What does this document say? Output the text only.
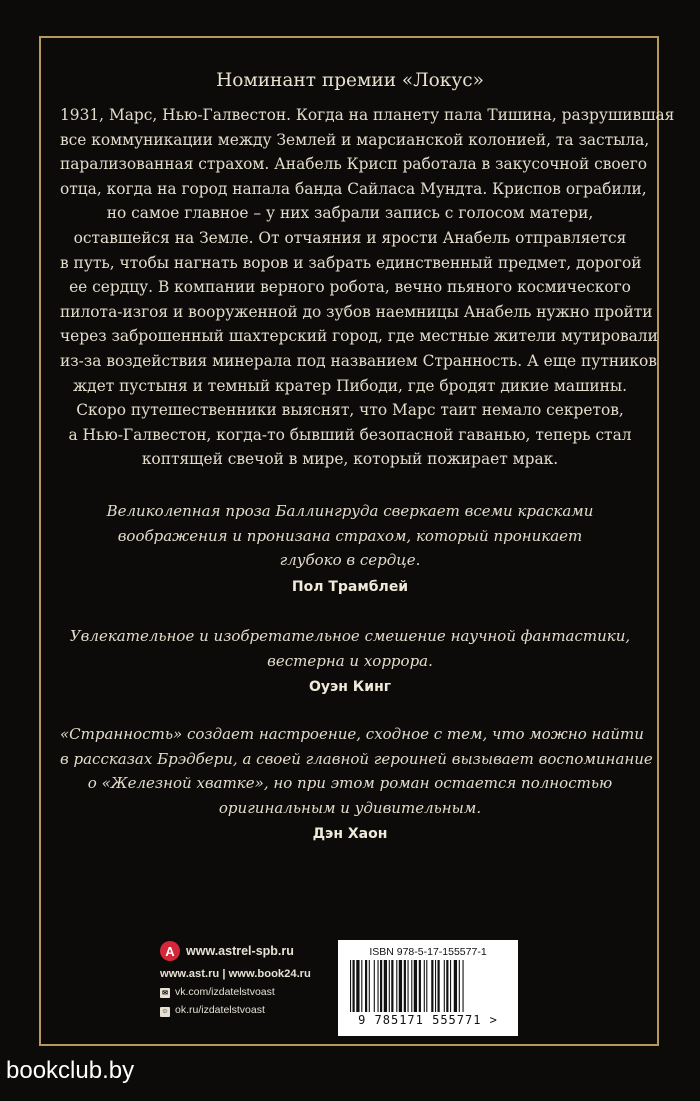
Номинант премии «Локус»
1931, Марс, Нью-Галвестон. Когда на планету пала Тишина, разрушившая
все коммуникации между Землей и марсианской колонией, та застыла,
парализованная страхом. Анабель Крисп работала в закусочной своего
отца, когда на город напала банда Сайласа Мундта. Криспов ограбили,
но самое главное – у них забрали запись с голосом матери,
оставшейся на Земле. От отчаяния и ярости Анабель отправляется
в путь, чтобы нагнать воров и забрать единственный предмет, дорогой
ее сердцу. В компании верного робота, вечно пьяного космического
пилота-изгоя и вооруженной до зубов наемницы Анабель нужно пройти
через заброшенный шахтерский город, где местные жители мутировали
из-за воздействия минерала под названием Странность. А еще путников
ждет пустыня и темный кратер Пибоди, где бродят дикие машины.
Скоро путешественники выяснят, что Марс таит немало секретов,
а Нью-Галвестон, когда-то бывший безопасной гаванью, теперь стал
коптящей свечой в мире, который пожирает мрак.
Великолепная проза Баллингруда сверкает всеми красками
воображения и пронизана страхом, который проникает
глубоко в сердце.
Пол Трамблей
Увлекательное и изобретательное смешение научной фантастики,
вестерна и хоррора.
Оуэн Кинг
«Странность» создает настроение, сходное с тем, что можно найти
в рассказах Брэдбери, а своей главной героиней вызывает воспоминание
о «Железной хватке», но при этом роман остается полностью
оригинальным и удивительным.
Дэн Хаон
A www.astrel-spb.ru
www.ast.ru | www.book24.ru
✉ vk.com/izdatelstvoast
☺ ok.ru/izdatelstvoast
ISBN 978-5-17-155577-1
9 785171 555771 >
bookclub.by
